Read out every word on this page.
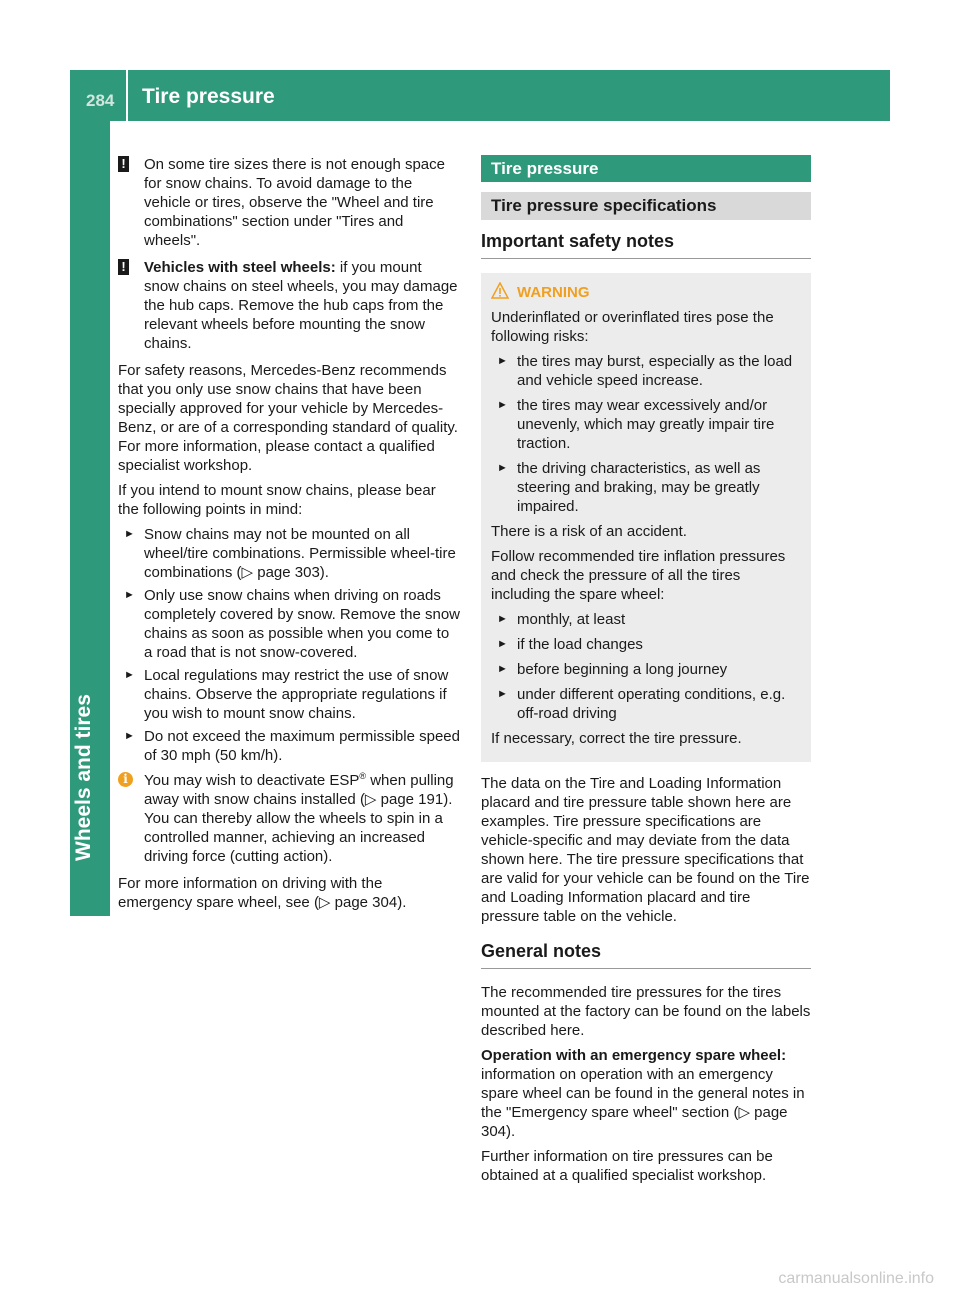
284 Tire pressure
Wheels and tires
! On some tire sizes there is not enough space for snow chains. To avoid damage to the vehicle or tires, observe the "Wheel and tire combinations" section under "Tires and wheels".
! Vehicles with steel wheels: if you mount snow chains on steel wheels, you may damage the hub caps. Remove the hub caps from the relevant wheels before mounting the snow chains.

For safety reasons, Mercedes-Benz recommends that you only use snow chains that have been specially approved for your vehicle by Mercedes-Benz, or are of a corresponding standard of quality. For more information, please contact a qualified specialist workshop.

If you intend to mount snow chains, please bear the following points in mind:

► Snow chains may not be mounted on all wheel/tire combinations. Permissible wheel-tire combinations (▷ page 303).
► Only use snow chains when driving on roads completely covered by snow. Remove the snow chains as soon as possible when you come to a road that is not snow-covered.
► Local regulations may restrict the use of snow chains. Observe the appropriate regulations if you wish to mount snow chains.
► Do not exceed the maximum permissible speed of 30 mph (50 km/h).
i	You may wish to deactivate ESP® when pulling away with snow chains installed (▷ page 191). You can thereby allow the wheels to spin in a controlled manner, achieving an increased driving force (cutting action).

For more information on driving with the emergency spare wheel, see (▷ page 304).

Tire pressure
Tire pressure specifications
Important safety notes
WARNING

Underinflated or overinflated tires pose the following risks:

► the tires may burst, especially as the load and vehicle speed increase.
► the tires may wear excessively and/or unevenly, which may greatly impair tire traction.
► the driving characteristics, as well as steering and braking, may be greatly impaired.

There is a risk of an accident.

Follow recommended tire inflation pressures and check the pressure of all the tires including the spare wheel:

► monthly, at least
► if the load changes
► before beginning a long journey
► under different operating conditions, e.g. off-road driving

If necessary, correct the tire pressure.

The data on the Tire and Loading Information placard and tire pressure table shown here are examples. Tire pressure specifications are vehicle-specific and may deviate from the data shown here. The tire pressure specifications that are valid for your vehicle can be found on the Tire and Loading Information placard and tire pressure table on the vehicle.

General notes

The recommended tire pressures for the tires mounted at the factory can be found on the labels described here.

Operation with an emergency spare wheel: information on operation with an emergency spare wheel can be found in the general notes in the "Emergency spare wheel" section (▷ page 304).

Further information on tire pressures can be obtained at a qualified specialist workshop.

carmanualsonline.info
